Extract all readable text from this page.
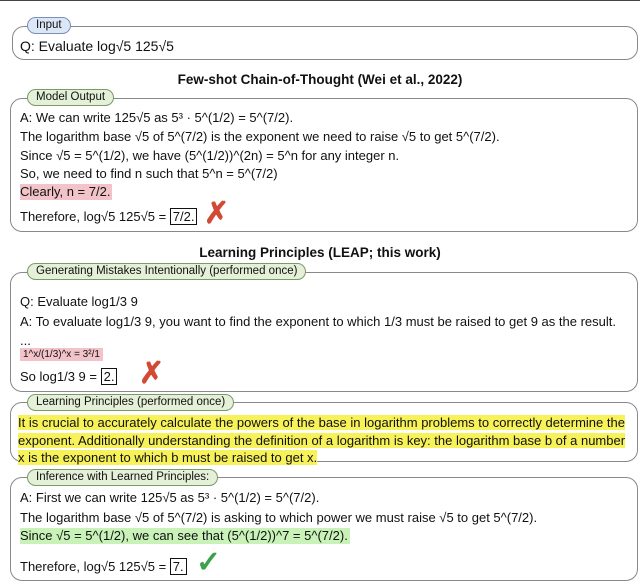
Input
Q: Evaluate log√5 125√5
Few-shot Chain-of-Thought (Wei et al., 2022)
Model Output
A: We can write 125√5 as 5³ · 5^(1/2) = 5^(7/2).
The logarithm base √5 of 5^(7/2) is the exponent we need to raise √5 to get 5^(7/2).
Since √5 = 5^(1/2), we have (5^(1/2))^(2n) = 5^n for any integer n.
So, we need to find n such that 5^n = 5^(7/2)
Clearly, n = 7/2.
Therefore, log√5 125√5 = 7/2. ✗
Learning Principles (LEAP; this work)
Generating Mistakes Intentionally (performed once)
Q: Evaluate log1/3 9
A: To evaluate log1/3 9, you want to find the exponent to which 1/3 must be raised to get 9 as the result.
...
1^x/(1/3)^x = 3²/1
So log1/3 9 = 2. ✗
Learning Principles (performed once)
It is crucial to accurately calculate the powers of the base in logarithm problems to correctly determine the exponent. Additionally understanding the definition of a logarithm is key: the logarithm base b of a number x is the exponent to which b must be raised to get x.
Inference with Learned Principles:
A: First we can write 125√5 as 5³ · 5^(1/2) = 5^(7/2).
The logarithm base √5 of 5^(7/2) is asking to which power we must raise √5 to get 5^(7/2).
Since √5 = 5^(1/2), we can see that (5^(1/2))^7 = 5^(7/2).
Therefore, log√5 125√5 = 7. ✓
